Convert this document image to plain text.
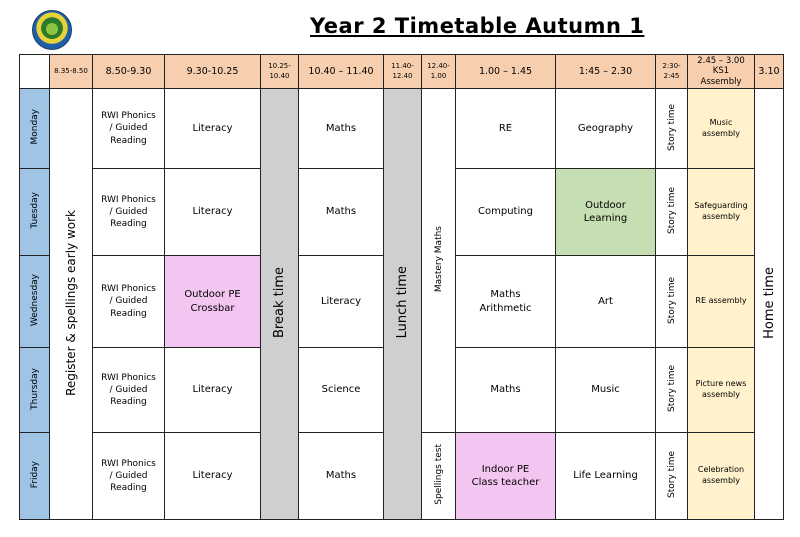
Year 2 Timetable Autumn 1
	8.35-8.50	8.50-9.30	9.30-10.25	10.25-10.40	10.40 – 11.40	11.40-12.40	12.40-1.00	1.00 – 1.45	1:45 – 2.30	2:30-2:45	2.45 – 3.00
KS1
Assembly	3.10
Monday	Register & spellings early work	RWI Phonics
/ Guided
Reading	Literacy	Break time	Maths	Lunch time	Mastery Maths	RE	Geography	Story time	Music
assembly	Home time
Tuesday		RWI Phonics
/ Guided
Reading	Literacy		Maths			Computing	Outdoor
Learning	Story time	Safeguarding
assembly	
Wednesday		RWI Phonics
/ Guided
Reading	Outdoor PE
Crossbar		Literacy			Maths
Arithmetic	Art	Story time	RE assembly	
Thursday		RWI Phonics
/ Guided
Reading	Literacy		Science			Maths	Music	Story time	Picture news
assembly	
Friday		RWI Phonics
/ Guided
Reading	Literacy		Maths		Spellings test	Indoor PE
Class teacher	Life Learning	Story time	Celebration
assembly	
